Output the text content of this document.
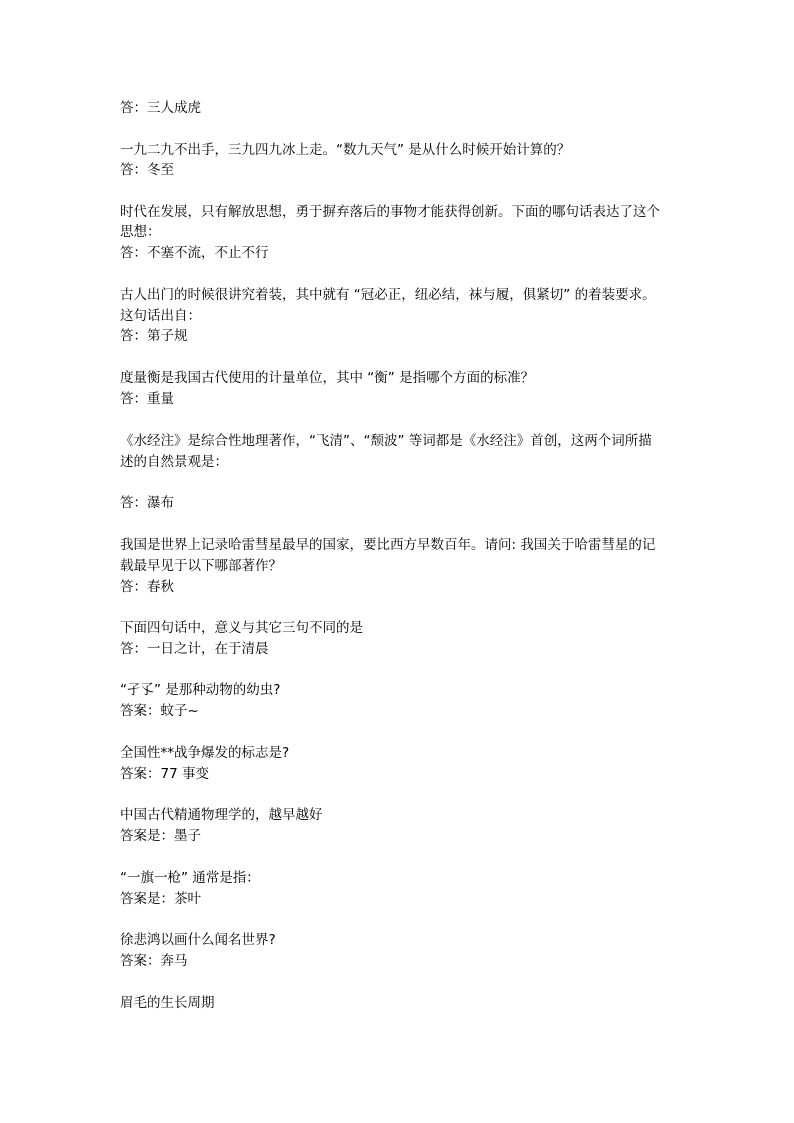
答：三人成虎
一九二九不出手，三九四九冰上走。“数九天气” 是从什么时候开始计算的？
答：冬至
时代在发展，只有解放思想，勇于摒弃落后的事物才能获得创新。下面的哪句话表达了这个
思想：
答：不塞不流，不止不行
古人出门的时候很讲究着装，其中就有 “冠必正，纽必结，袜与履，俱紧切” 的着装要求。
这句话出自：
答：第子规
度量衡是我国古代使用的计量单位，其中 “衡” 是指哪个方面的标准？
答：重量
《水经注》是综合性地理著作，“飞清”、“颓波” 等词都是《水经注》首创，这两个词所描
述的自然景观是：
答：瀑布
我国是世界上记录哈雷彗星最早的国家，要比西方早数百年。请问: 我国关于哈雷彗星的记
载最早见于以下哪部著作？
答：春秋
下面四句话中，意义与其它三句不同的是
答：一日之计，在于清晨
“孑孓” 是那种动物的幼虫?
答案：蚊子~
全国性**战争爆发的标志是?
答案：77 事变
中国古代精通物理学的，越早越好
答案是：墨子
“一旗一枪” 通常是指：
答案是：茶叶
徐悲鸿以画什么闻名世界?
答案：奔马
眉毛的生长周期
